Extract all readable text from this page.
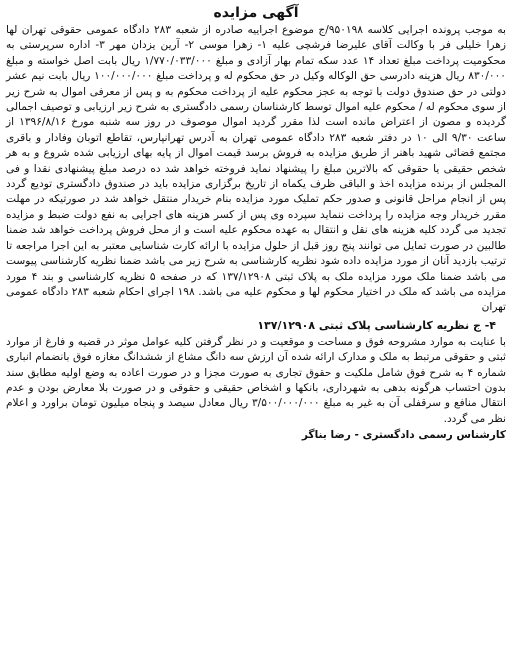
آگهی مزایده

به موجب پرونده اجرایی کلاسه ۹۵۰۱۹۸/ج موضوع اجراییه صادره از شعبه ۲۸۳ دادگاه عمومی حقوقی تهران لها زهرا خلیلی فر با وکالت آقای علیرضا فرشچی علیه ۱- زهرا موسی ۲- آرین یزدان مهر ۳- اداره سرپرستی به محکومیت پرداخت مبلغ تعداد ۱۴ عدد سکه تمام بهار آزادی و مبلغ ۱/۷۷۰/۰۳۳/۰۰۰ ریال بابت اصل خواسته و مبلغ ۸۳۰/۰۰۰ ریال هزینه دادرسی حق الوکاله وکیل در حق محکوم له و پرداخت مبلغ ۱۰۰/۰۰۰/۰۰۰ ریال بابت نیم عشر دولتی در حق صندوق دولت با توجه به عجز محکوم علیه از پرداخت محکوم به و پس از معرفی اموال به شرح زیر از سوی محکوم له / محکوم علیه اموال توسط کارشناسان رسمی دادگستری به شرح زیر ارزیابی و توصیف اجمالی گردیده و مصون از اعتراض مانده است لذا مقرر گردید اموال موصوف در روز سه شنبه مورخ ۱۳۹۶/۸/۱۶ از ساعت ۹/۳۰ الی ۱۰ در دفتر شعبه ۲۸۳ دادگاه عمومی تهران به آدرس تهرانپارس، تقاطع اتوبان وفادار و باقری مجتمع قضائی شهید باهنر از طریق مزایده به فروش برسد قیمت اموال از پایه بهای ارزیابی شده شروع و به هر شخص حقیقی یا حقوقی که بالاترین مبلغ را پیشنهاد نماید فروخته خواهد شد ده درصد مبلغ پیشنهادی نقدا و فی المجلس از برنده مزایده اخذ و الباقی ظرف یکماه از تاریخ برگزاری مزایده باید در صندوق دادگستری تودیع گردد پس از انجام مراحل قانونی و صدور حکم تملیک مورد مزایده بنام خریدار منتقل خواهد شد در صورتیکه در مهلت مقرر خریدار وجه مزایده را پرداخت ننماید سپرده وی پس از کسر هزینه های اجرایی به نفع دولت ضبط و مزایده تجدید می گردد کلیه هزینه های نقل و انتقال به عهده محکوم علیه است و از محل فروش پرداخت خواهد شد ضمنا طالبین در صورت تمایل می توانند پنج روز قبل از حلول مزایده با ارائه کارت شناسایی معتبر به این اجرا مراجعه تا ترتیب بازدید آنان از مورد مزایده داده شود نظریه کارشناسی به شرح زیر می باشد ضمنا نظریه کارشناسی پیوست می باشد ضمنا ملک مورد مزایده ملک به پلاک ثبتی ۱۳۷/۱۲۹۰۸ که در صفحه ۵ نظریه کارشناسی و بند ۴ مورد مزایده می باشد که ملک در اختیار محکوم لها و محکوم علیه می باشد. ۱۹۸ اجرای احکام شعبه ۲۸۳ دادگاه عمومی تهران

۴- ج نظریه کارشناسی پلاک ثبتی ۱۳۷/۱۲۹۰۸

با عنایت به موارد مشروحه فوق و مساحت و موقعیت و در نظر گرفتن کلیه عوامل موثر در قضیه و فارغ از موارد ثبتی و حقوقی مرتبط به ملک و مدارک ارائه شده آن ارزش سه دانگ مشاع از ششدانگ مغازه فوق بانضمام انباری شماره ۴ به شرح فوق شامل ملکیت و حقوق تجاری به صورت مجزا و در صورت اعاده به وضع اولیه مطابق سند بدون احتساب هرگونه بدهی به شهرداری، بانکها و اشخاص حقیقی و حقوقی و در صورت بلا معارض بودن و عدم انتقال منافع و سرقفلی آن به غیر به مبلغ ۳/۵۰۰/۰۰۰/۰۰۰ ریال معادل سیصد و پنجاه میلیون تومان براورد و اعلام نظر می گردد.

کارشناس رسمی دادگستری - رضا بناگر
